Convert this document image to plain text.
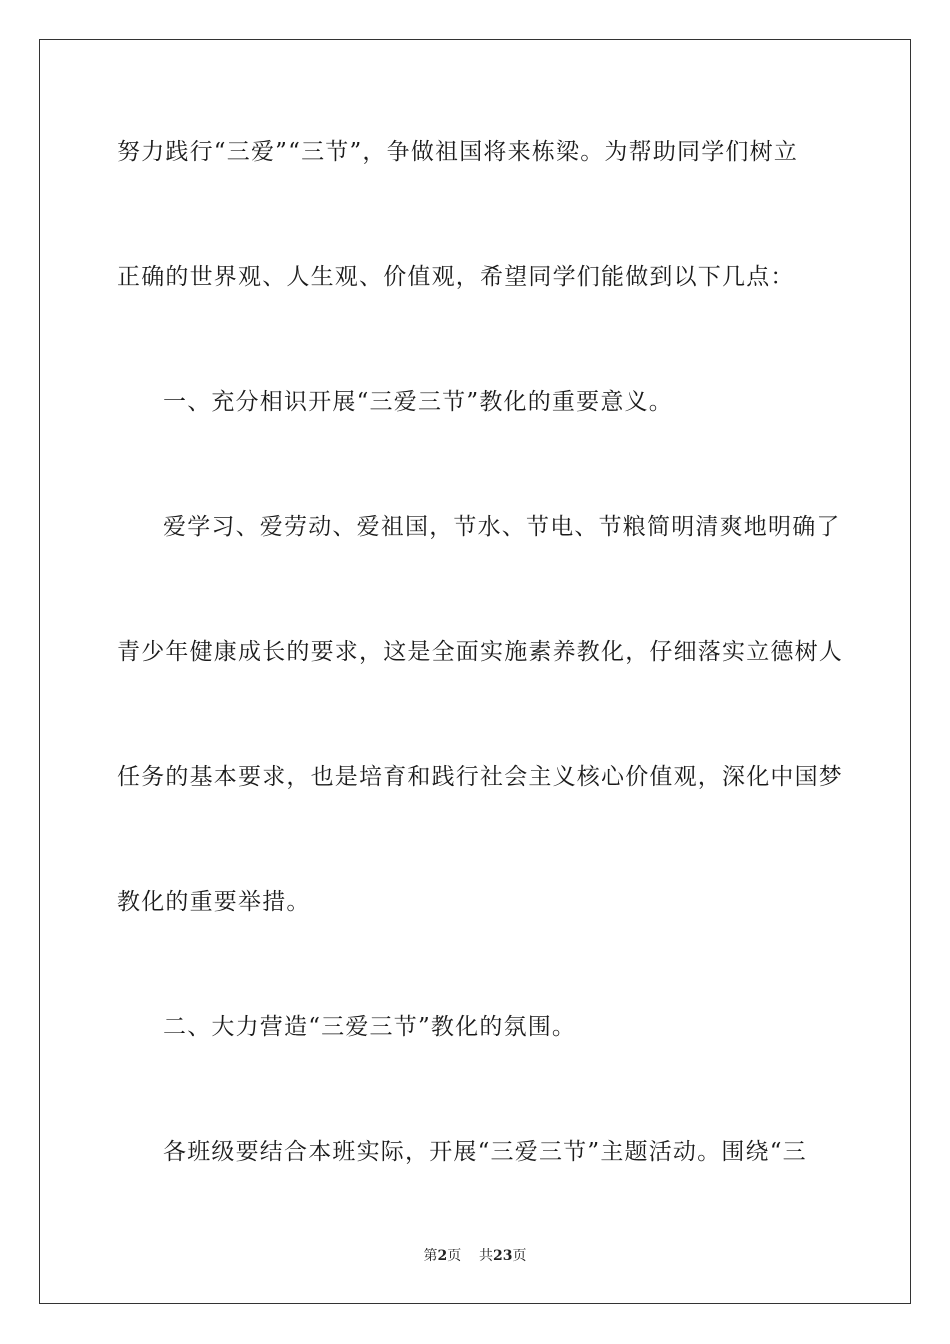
努力践行“三爱”“三节”，争做祖国将来栋梁。为帮助同学们树立
正确的世界观、人生观、价值观，希望同学们能做到以下几点：
一、充分相识开展“三爱三节”教化的重要意义。
爱学习、爱劳动、爱祖国，节水、节电、节粮简明清爽地明确了
青少年健康成长的要求，这是全面实施素养教化，仔细落实立德树人
任务的基本要求，也是培育和践行社会主义核心价值观，深化中国梦
教化的重要举措。
二、大力营造“三爱三节”教化的氛围。
各班级要结合本班实际，开展“三爱三节”主题活动。围绕“三
第2页 共23页
